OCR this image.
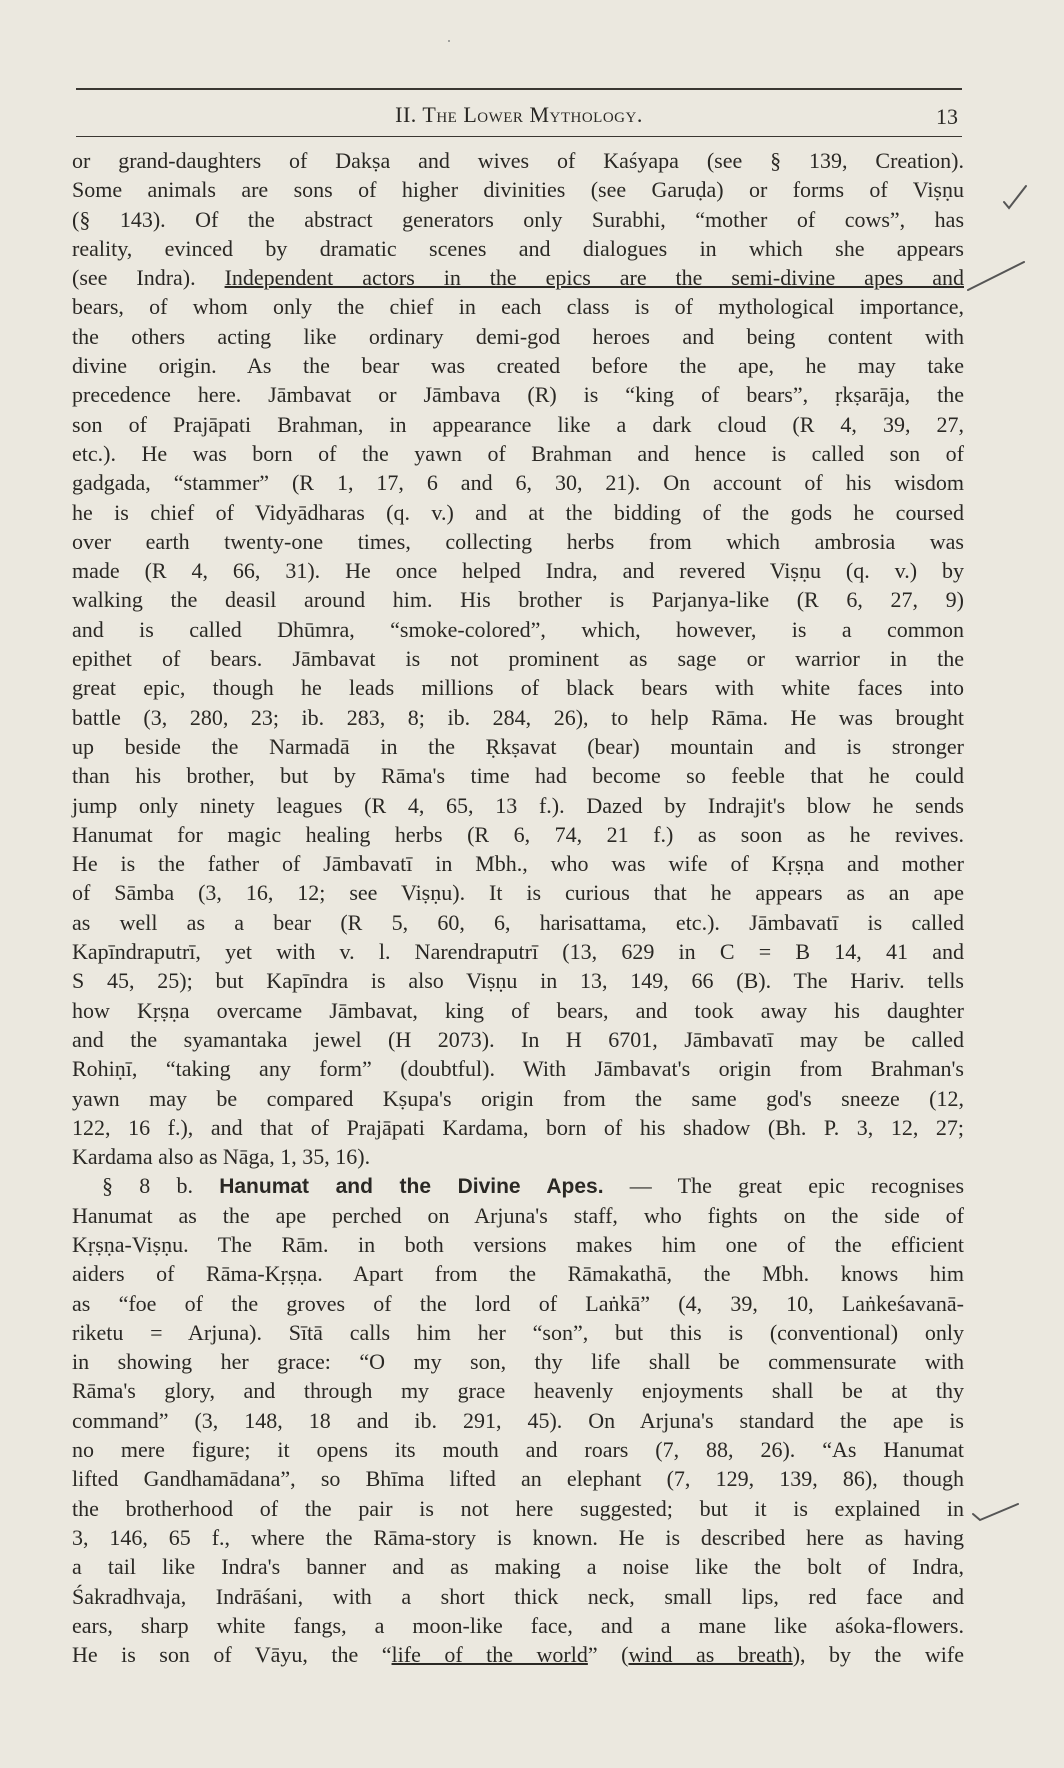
II. The Lower Mythology.	13
or grand-daughters of Dakṣa and wives of Kaśyapa (see § 139, Creation).
Some animals are sons of higher divinities (see Garuḍa) or forms of Viṣṇu
(§ 143). Of the abstract generators only Surabhi, “mother of cows”, has
reality, evinced by dramatic scenes and dialogues in which she appears
(see Indra). Independent actors in the epics are the semi-divine apes and
bears, of whom only the chief in each class is of mythological importance,
the others acting like ordinary demi-god heroes and being content with
divine origin. As the bear was created before the ape, he may take
precedence here. Jāmbavat or Jāmbava (R) is “king of bears”, ṛkṣarāja, the
son of Prajāpati Brahman, in appearance like a dark cloud (R 4, 39, 27,
etc.). He was born of the yawn of Brahman and hence is called son of
gadgada, “stammer” (R 1, 17, 6 and 6, 30, 21). On account of his wisdom
he is chief of Vidyādharas (q. v.) and at the bidding of the gods he coursed
over earth twenty-one times, collecting herbs from which ambrosia was
made (R 4, 66, 31). He once helped Indra, and revered Viṣṇu (q. v.) by
walking the deasil around him. His brother is Parjanya-like (R 6, 27, 9)
and is called Dhūmra, “smoke-colored”, which, however, is a common
epithet of bears. Jāmbavat is not prominent as sage or warrior in the
great epic, though he leads millions of black bears with white faces into
battle (3, 280, 23; ib. 283, 8; ib. 284, 26), to help Rāma. He was brought
up beside the Narmadā in the Ṛkṣavat (bear) mountain and is stronger
than his brother, but by Rāma's time had become so feeble that he could
jump only ninety leagues (R 4, 65, 13 f.). Dazed by Indrajit's blow he sends
Hanumat for magic healing herbs (R 6, 74, 21 f.) as soon as he revives.
He is the father of Jāmbavatī in Mbh., who was wife of Kṛṣṇa and mother
of Sāmba (3, 16, 12; see Viṣṇu). It is curious that he appears as an ape
as well as a bear (R 5, 60, 6, harisattama, etc.). Jāmbavatī is called
Kapīndraputrī, yet with v. l. Narendraputrī (13, 629 in C = B 14, 41 and
S 45, 25); but Kapīndra is also Viṣṇu in 13, 149, 66 (B). The Hariv. tells
how Kṛṣṇa overcame Jāmbavat, king of bears, and took away his daughter
and the syamantaka jewel (H 2073). In H 6701, Jāmbavatī may be called
Rohiṇī, “taking any form” (doubtful). With Jāmbavat's origin from Brahman's
yawn may be compared Kṣupa's origin from the same god's sneeze (12,
122, 16 f.), and that of Prajāpati Kardama, born of his shadow (Bh. P. 3, 12, 27;
Kardama also as Nāga, 1, 35, 16).
§ 8 b. Hanumat and the Divine Apes. — The great epic recognises
Hanumat as the ape perched on Arjuna's staff, who fights on the side of
Kṛṣṇa-Viṣṇu. The Rām. in both versions makes him one of the efficient
aiders of Rāma-Kṛṣṇa. Apart from the Rāmakathā, the Mbh. knows him
as “foe of the groves of the lord of Laṅkā” (4, 39, 10, Laṅkeśavanā-
riketu = Arjuna). Sītā calls him her “son”, but this is (conventional) only
in showing her grace: “O my son, thy life shall be commensurate with
Rāma's glory, and through my grace heavenly enjoyments shall be at thy
command” (3, 148, 18 and ib. 291, 45). On Arjuna's standard the ape is
no mere figure; it opens its mouth and roars (7, 88, 26). “As Hanumat
lifted Gandhamādana”, so Bhīma lifted an elephant (7, 129, 139, 86), though
the brotherhood of the pair is not here suggested; but it is explained in
3, 146, 65 f., where the Rāma-story is known. He is described here as having
a tail like Indra's banner and as making a noise like the bolt of Indra,
Śakradhvaja, Indrāśani, with a short thick neck, small lips, red face and
ears, sharp white fangs, a moon-like face, and a mane like aśoka-flowers.
He is son of Vāyu, the “life of the world” (wind as breath), by the wife
